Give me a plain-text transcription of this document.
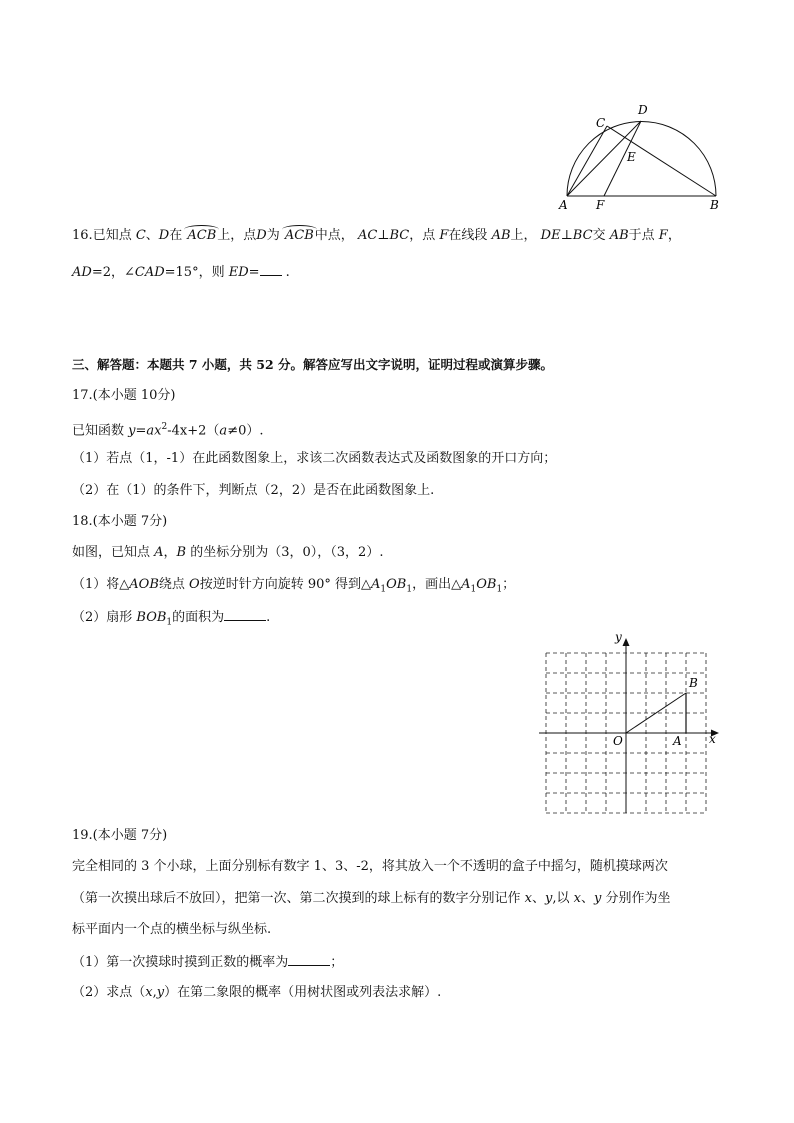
C
D
E
A F	B
16.已知点 C、D在 ACB上，点D为 ACB中点， AC⊥BC，点 F在线段 AB上， DE⊥BC交 AB于点 F，
AD=2，∠CAD=15°，则 ED= .
三、解答题：本题共 7 小题，共 52 分。解答应写出文字说明，证明过程或演算步骤。
17.(本小题 10分)
已知函数 $y=ax^2-4x+2(a\ne 0)$.
（1）若点（1，-1）在此函数图象上，求该二次函数表达式及函数图象的开口方向；
（2）在（1）的条件下，判断点（2，2）是否在此函数图象上.
18.(本小题 7分)
如图，已知点 A，B 的坐标分别为（3，0），（3，2）.
（1）将△AOB绕点 O按逆时针方向旋转 90° 得到$\triangle A_1OB_1$，画出$\triangle A_1OB_1$；
（2）扇形 $BOB_1$的面积为	.
y
x
O	A
B
19.(本小题 7分)
完全相同的 3 个小球，上面分别标有数字 1、3、-2，将其放入一个不透明的盒子中摇匀，随机摸球两次
（第一次摸出球后不放回），把第一次、第二次摸到的球上标有的数字分别记作 x、y,以 x、y 分别作为坐
标平面内一个点的横坐标与纵坐标.
（1）第一次摸球时摸到正数的概率为	；
（2）求点（x,y）在第二象限的概率（用树状图或列表法求解）.
